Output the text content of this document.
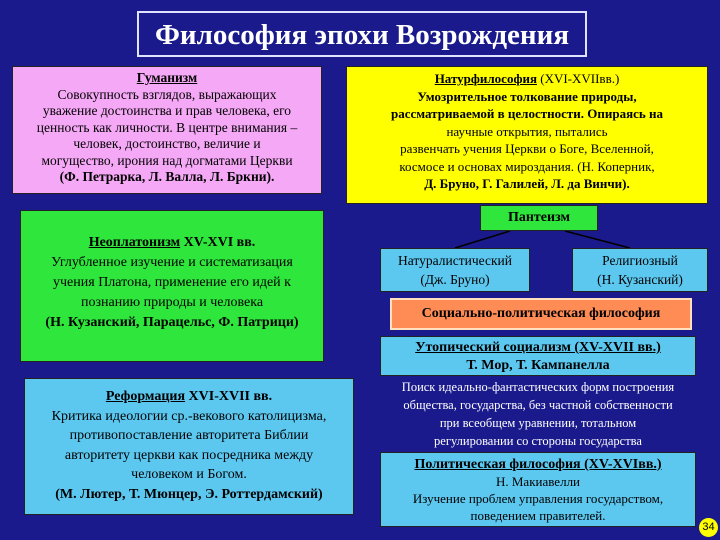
Философия эпохи Возрождения
Гуманизм
Совокупность взглядов, выражающих
уважение достоинства и прав человека, его
ценность как личности. В центре внимания –
человек, достоинство, величие и
могущество, ирония над догматами Церкви
(Ф. Петрарка, Л. Валла, Л. Бркни).
Натурфилософия (XVI-XVIIвв.)
Умозрительное толкование природы,
рассматриваемой в целостности. Опираясь на
научные открытия, пытались
развенчать учения Церкви о Боге, Вселенной,
космосе и основах мироздания. (Н. Коперник,
Д. Бруно, Г. Галилей, Л. да Винчи).
Неоплатонизм XV-XVI вв.
Углубленное изучение и систематизация
учения Платона, применение его идей к
познанию природы и человека
(Н. Кузанский, Парацельс, Ф. Патрици)
Пантеизм
Натуралистический
(Дж. Бруно)
Религиозный
(Н. Кузанский)
Социально-политическая философия
Утопический социализм (XV-XVII вв.)
Т. Мор, Т. Кампанелла
Поиск идеально-фантастических форм построения
общества, государства, без частной собственности
при всеобщем уравнении, тотальном
регулировании со стороны государства
Политическая философия (XV-XVIвв.)
Н. Макиавелли
Изучение проблем управления государством,
поведением правителей.
Реформация XVI-XVII вв.
Критика идеологии ср.-векового католицизма,
противопоставление авторитета Библии
авторитету церкви как посредника между
человеком и Богом.
(М. Лютер, Т. Мюнцер, Э. Роттердамский)
34
